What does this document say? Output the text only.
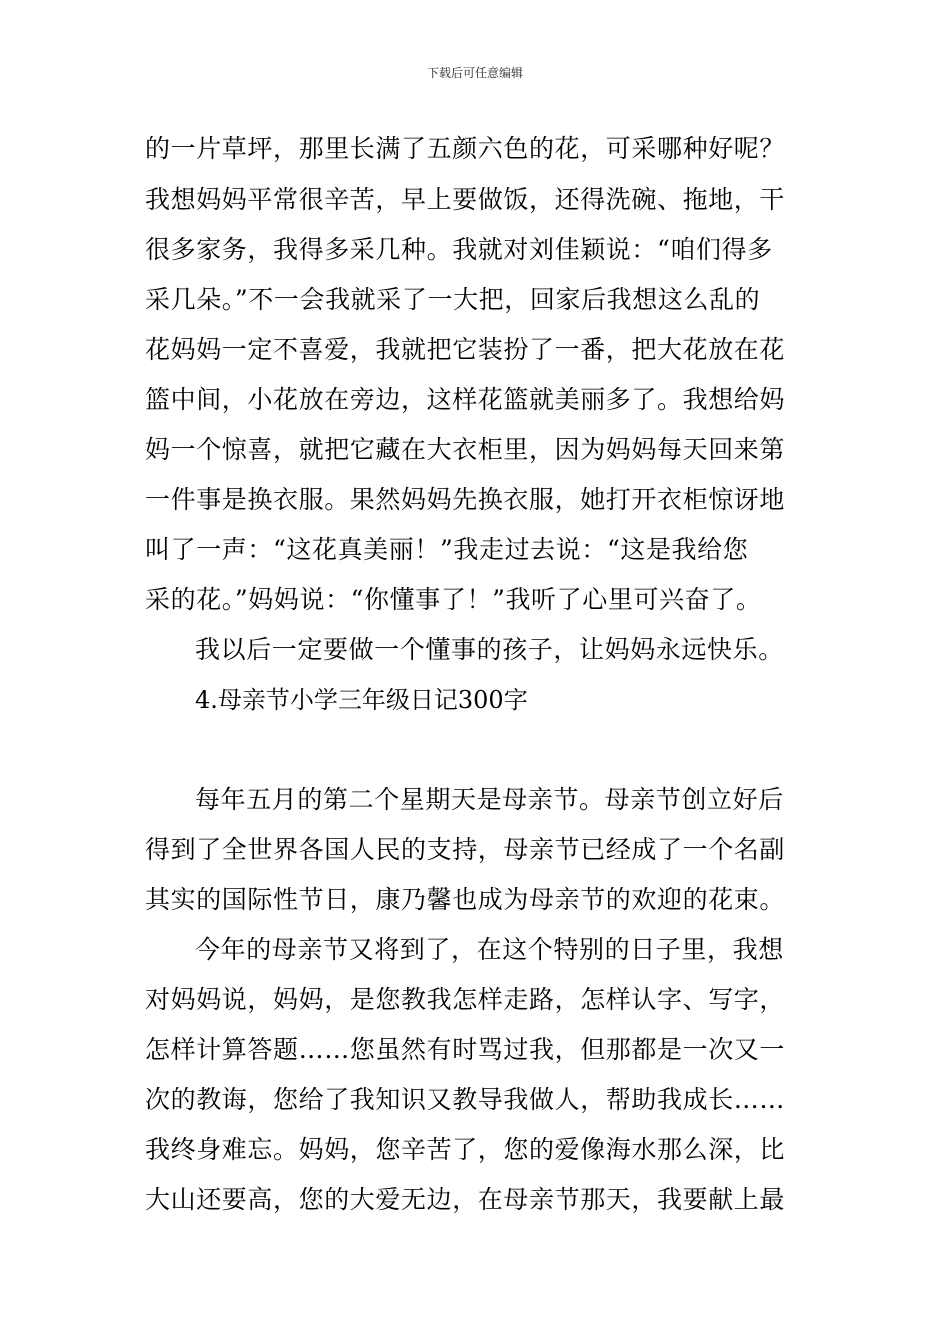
下载后可任意编辑
的一片草坪，那里长满了五颜六色的花，可采哪种好呢？
我想妈妈平常很辛苦，早上要做饭，还得洗碗、拖地，干
很多家务，我得多采几种。我就对刘佳颖说：“咱们得多
采几朵。”不一会我就采了一大把，回家后我想这么乱的
花妈妈一定不喜爱，我就把它装扮了一番，把大花放在花
篮中间，小花放在旁边，这样花篮就美丽多了。我想给妈
妈一个惊喜，就把它藏在大衣柜里，因为妈妈每天回来第
一件事是换衣服。果然妈妈先换衣服，她打开衣柜惊讶地
叫了一声：“这花真美丽！”我走过去说：“这是我给您
采的花。”妈妈说：“你懂事了！”我听了心里可兴奋了。
我以后一定要做一个懂事的孩子，让妈妈永远快乐。
4.母亲节小学三年级日记300字
每年五月的第二个星期天是母亲节。母亲节创立好后
得到了全世界各国人民的支持，母亲节已经成了一个名副
其实的国际性节日，康乃馨也成为母亲节的欢迎的花束。
今年的母亲节又将到了，在这个特别的日子里，我想
对妈妈说，妈妈，是您教我怎样走路，怎样认字、写字，
怎样计算答题……您虽然有时骂过我，但那都是一次又一
次的教诲，您给了我知识又教导我做人，帮助我成长……
我终身难忘。妈妈，您辛苦了，您的爱像海水那么深，比
大山还要高，您的大爱无边，在母亲节那天，我要献上最
